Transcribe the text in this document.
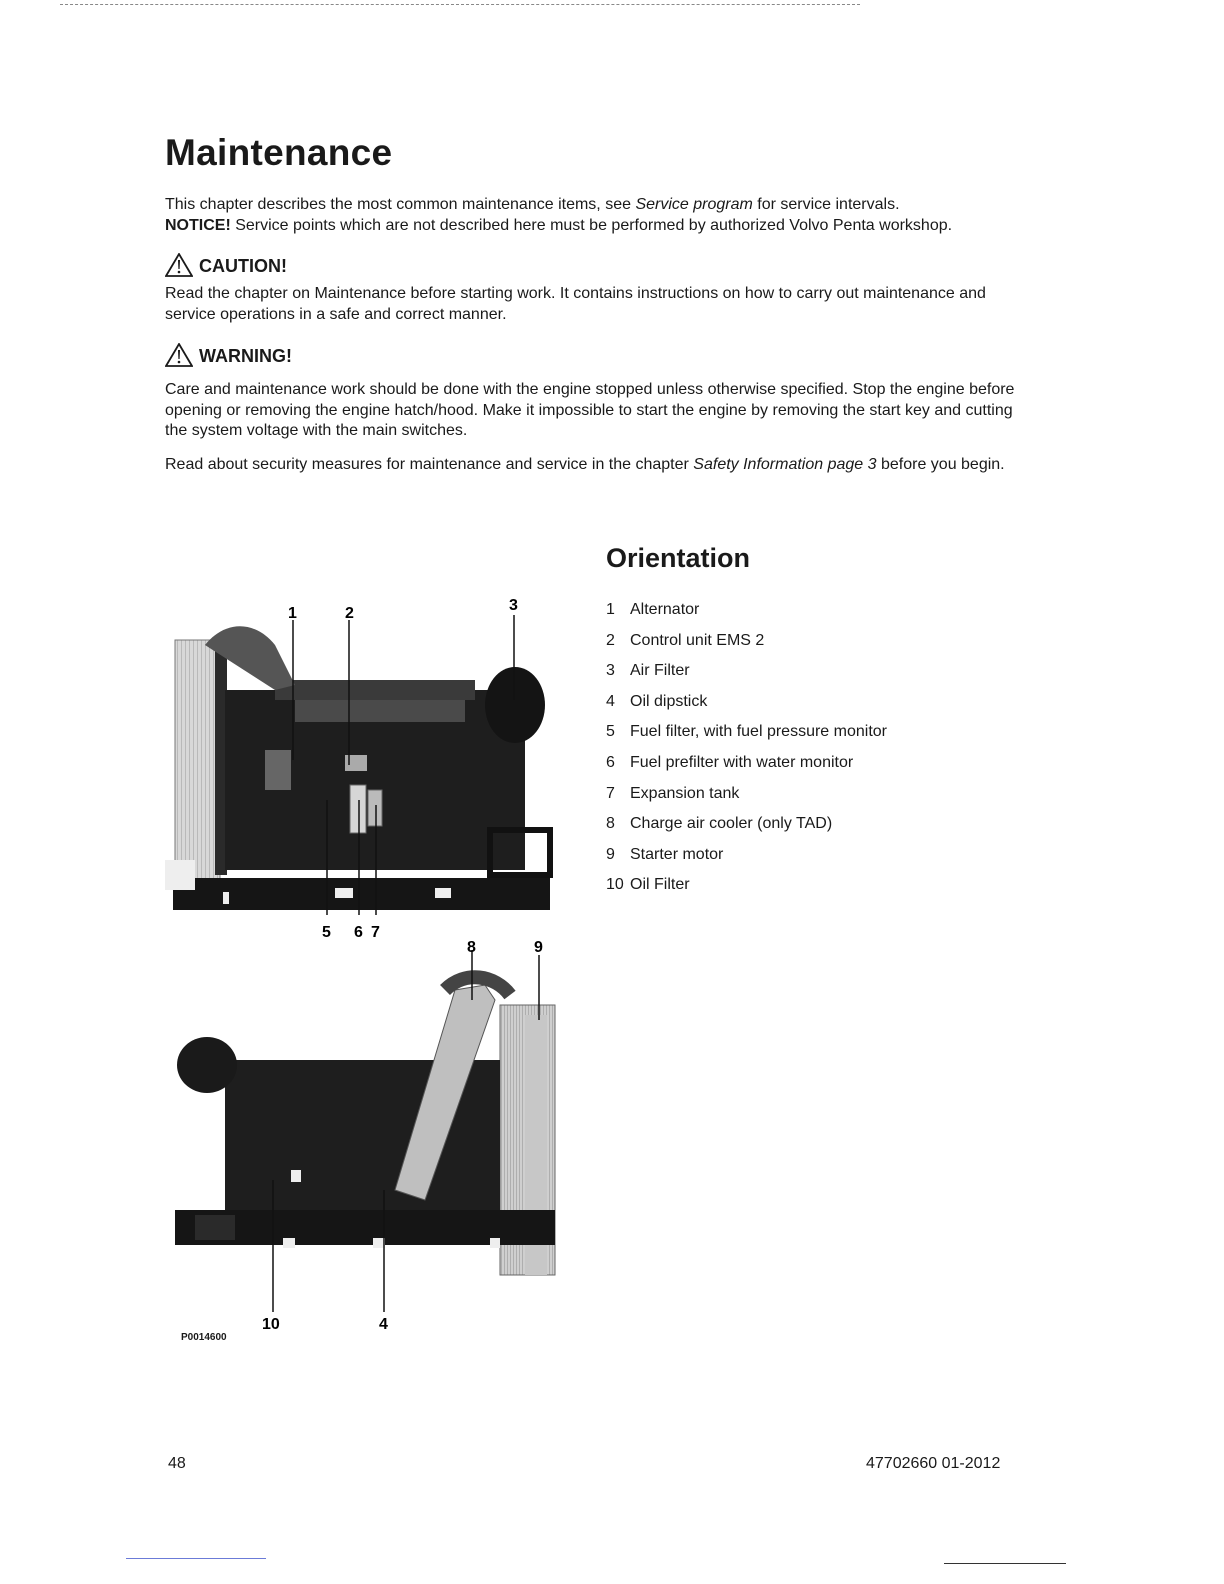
Maintenance
This chapter describes the most common maintenance items, see Service program for service intervals.
NOTICE! Service points which are not described here must be performed by authorized Volvo Penta workshop.
CAUTION!
Read the chapter on Maintenance before starting work. It contains instructions on how to carry out maintenance and service operations in a safe and correct manner.
WARNING!
Care and maintenance work should be done with the engine stopped unless otherwise specified. Stop the engine before opening or removing the engine hatch/hood. Make it impossible to start the engine by removing the start key and cutting the system voltage with the main switches.
Read about security measures for maintenance and service in the chapter Safety Information page 3 before you begin.
Orientation
1 Alternator
2 Control unit EMS 2
3 Air Filter
4 Oil dipstick
5 Fuel filter, with fuel pressure monitor
6 Fuel prefilter with water monitor
7 Expansion tank
8 Charge air cooler (only TAD)
9 Starter motor
10 Oil Filter
1	2	3
5 6 7
8	9
10	4
P0014600
48	47702660 01-2012
